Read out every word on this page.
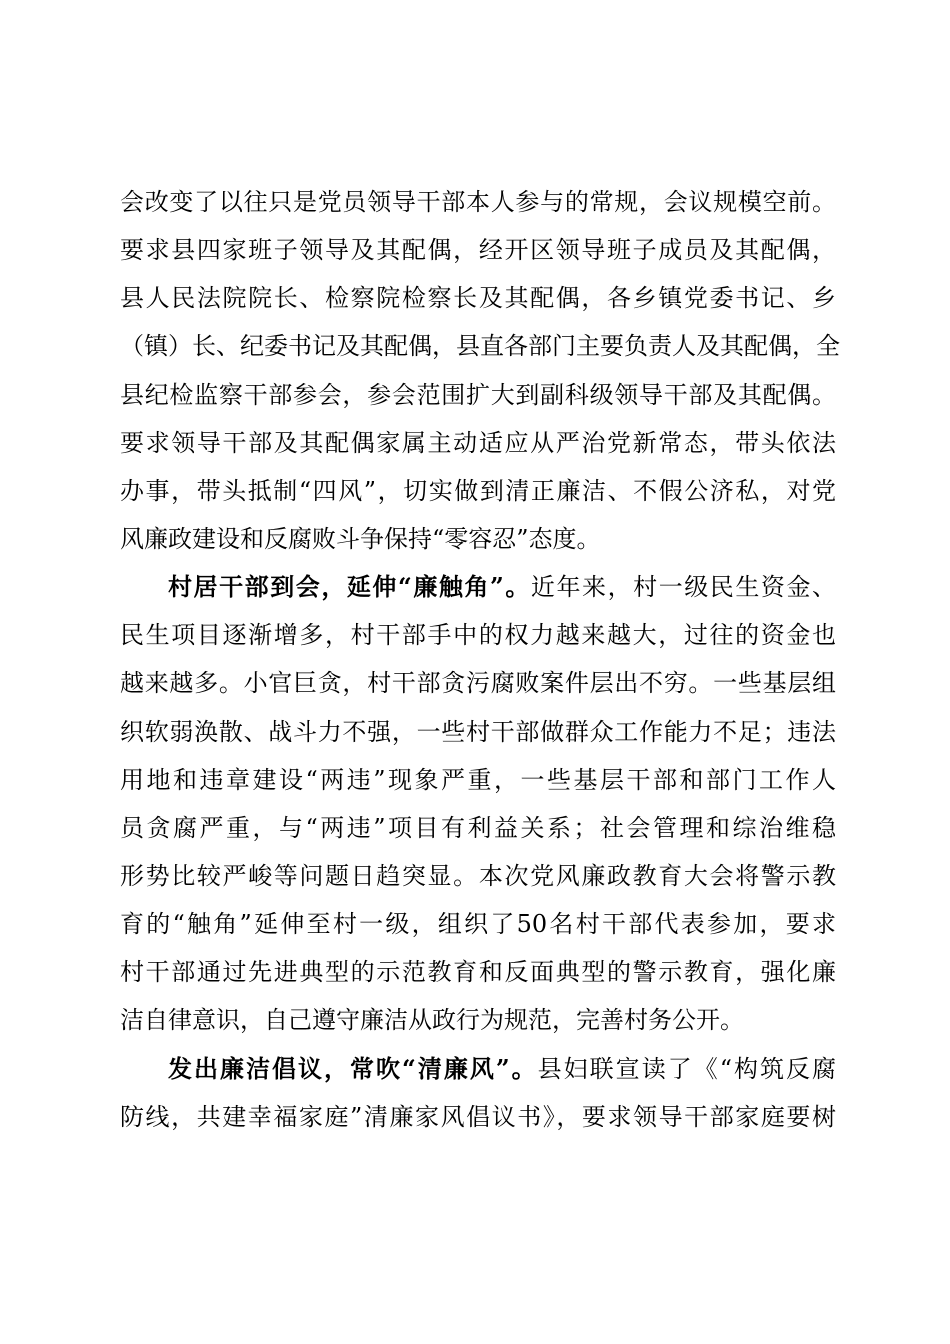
会改变了以往只是党员领导干部本人参与的常规，会议规模空前。
要求县四家班子领导及其配偶，经开区领导班子成员及其配偶，
县人民法院院长、检察院检察长及其配偶，各乡镇党委书记、乡
（镇）长、纪委书记及其配偶，县直各部门主要负责人及其配偶，全
县纪检监察干部参会，参会范围扩大到副科级领导干部及其配偶。
要求领导干部及其配偶家属主动适应从严治党新常态，带头依法
办事，带头抵制“四风”，切实做到清正廉洁、不假公济私，对党
风廉政建设和反腐败斗争保持“零容忍”态度。
村居干部到会，延伸“廉触角”。近年来，村一级民生资金、
民生项目逐渐增多，村干部手中的权力越来越大，过往的资金也
越来越多。小官巨贪，村干部贪污腐败案件层出不穷。一些基层组
织软弱涣散、战斗力不强，一些村干部做群众工作能力不足；违法
用地和违章建设“两违”现象严重，一些基层干部和部门工作人
员贪腐严重，与“两违”项目有利益关系；社会管理和综治维稳
形势比较严峻等问题日趋突显。本次党风廉政教育大会将警示教
育的“触角”延伸至村一级，组织了50名村干部代表参加，要求
村干部通过先进典型的示范教育和反面典型的警示教育，强化廉
洁自律意识，自己遵守廉洁从政行为规范，完善村务公开。
发出廉洁倡议，常吹“清廉风”。县妇联宣读了《“构筑反腐
防线，共建幸福家庭”清廉家风倡议书》，要求领导干部家庭要树
